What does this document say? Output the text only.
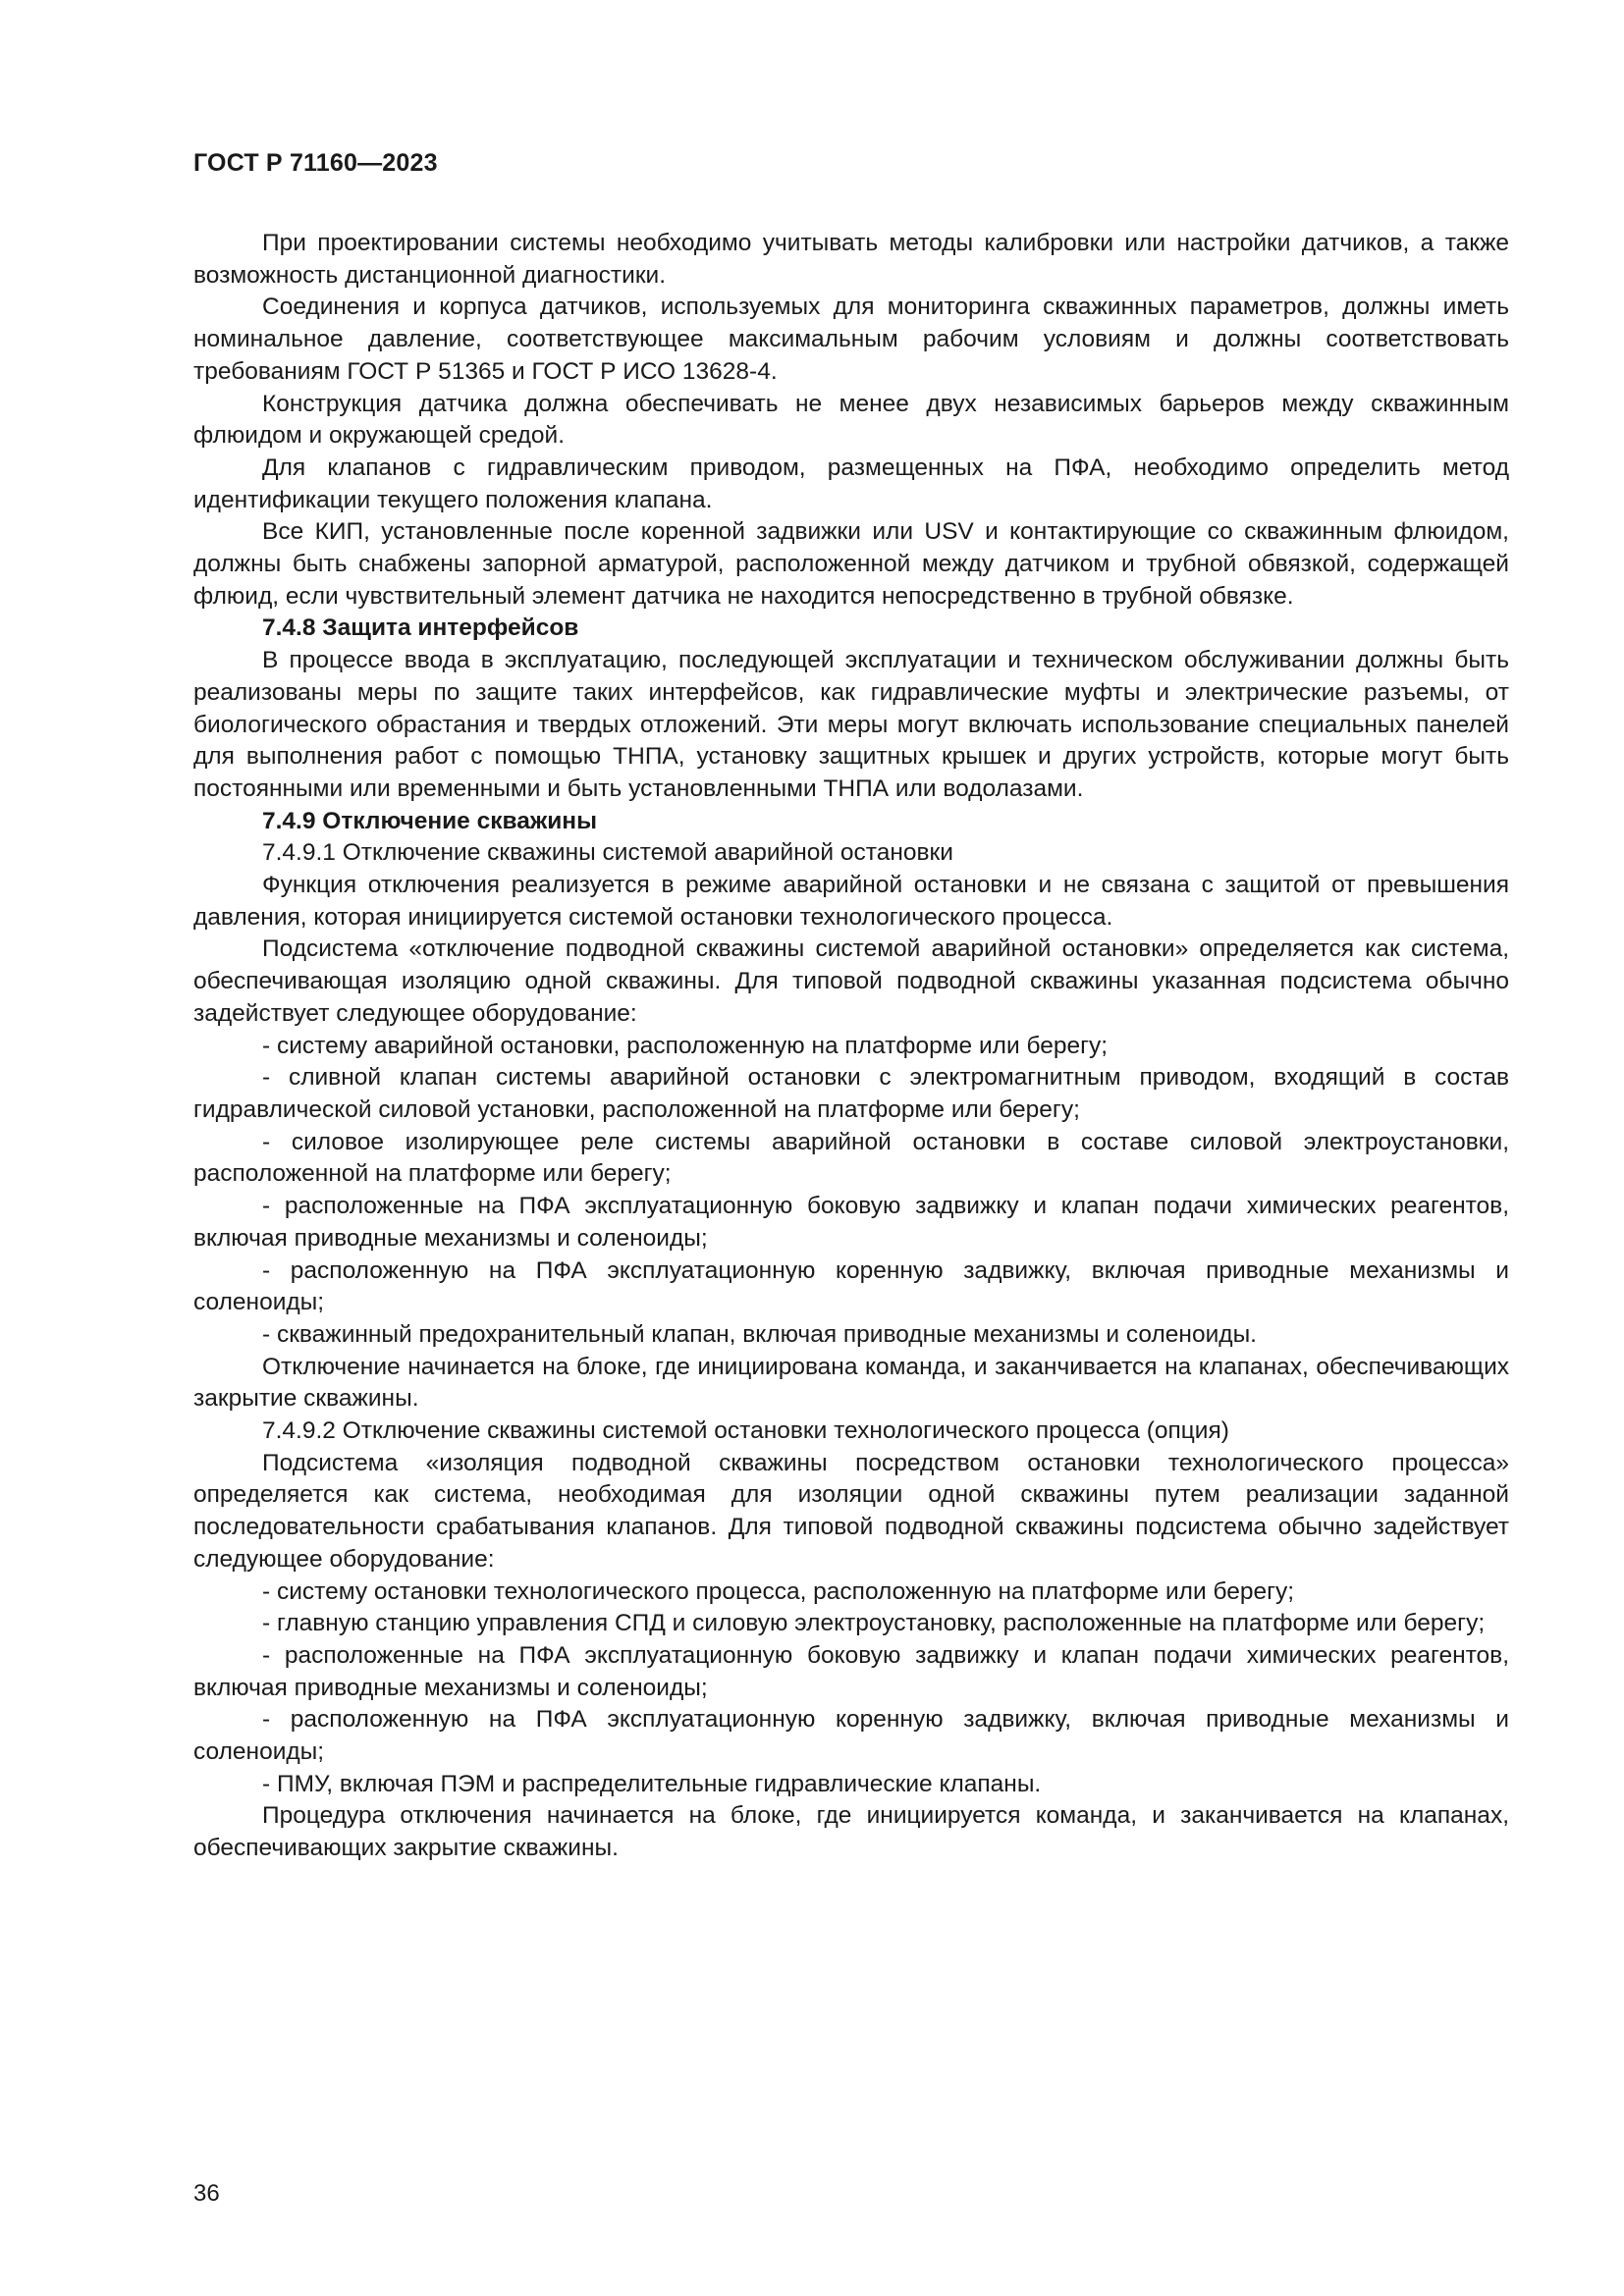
ГОСТ Р 71160—2023

При проектировании системы необходимо учитывать методы калибровки или настройки датчиков, а также возможность дистанционной диагностики.

Соединения и корпуса датчиков, используемых для мониторинга скважинных параметров, должны иметь номинальное давление, соответствующее максимальным рабочим условиям и должны соответствовать требованиям ГОСТ Р 51365 и ГОСТ Р ИСО 13628-4.

Конструкция датчика должна обеспечивать не менее двух независимых барьеров между скважинным флюидом и окружающей средой.

Для клапанов с гидравлическим приводом, размещенных на ПФА, необходимо определить метод идентификации текущего положения клапана.

Все КИП, установленные после коренной задвижки или USV и контактирующие со скважинным флюидом, должны быть снабжены запорной арматурой, расположенной между датчиком и трубной обвязкой, содержащей флюид, если чувствительный элемент датчика не находится непосредственно в трубной обвязке.

7.4.8 Защита интерфейсов

В процессе ввода в эксплуатацию, последующей эксплуатации и техническом обслуживании должны быть реализованы меры по защите таких интерфейсов, как гидравлические муфты и электрические разъемы, от биологического обрастания и твердых отложений. Эти меры могут включать использование специальных панелей для выполнения работ с помощью ТНПА, установку защитных крышек и других устройств, которые могут быть постоянными или временными и быть установленными ТНПА или водолазами.

7.4.9 Отключение скважины

7.4.9.1 Отключение скважины системой аварийной остановки

Функция отключения реализуется в режиме аварийной остановки и не связана с защитой от превышения давления, которая инициируется системой остановки технологического процесса.

Подсистема «отключение подводной скважины системой аварийной остановки» определяется как система, обеспечивающая изоляцию одной скважины. Для типовой подводной скважины указанная подсистема обычно задействует следующее оборудование:

- систему аварийной остановки, расположенную на платформе или берегу;

- сливной клапан системы аварийной остановки с электромагнитным приводом, входящий в состав гидравлической силовой установки, расположенной на платформе или берегу;

- силовое изолирующее реле системы аварийной остановки в составе силовой электроустановки, расположенной на платформе или берегу;

- расположенные на ПФА эксплуатационную боковую задвижку и клапан подачи химических реагентов, включая приводные механизмы и соленоиды;

- расположенную на ПФА эксплуатационную коренную задвижку, включая приводные механизмы и соленоиды;

- скважинный предохранительный клапан, включая приводные механизмы и соленоиды.

Отключение начинается на блоке, где инициирована команда, и заканчивается на клапанах, обеспечивающих закрытие скважины.

7.4.9.2 Отключение скважины системой остановки технологического процесса (опция)

Подсистема «изоляция подводной скважины посредством остановки технологического процесса» определяется как система, необходимая для изоляции одной скважины путем реализации заданной последовательности срабатывания клапанов. Для типовой подводной скважины подсистема обычно задействует следующее оборудование:

- систему остановки технологического процесса, расположенную на платформе или берегу;

- главную станцию управления СПД и силовую электроустановку, расположенные на платформе или берегу;

- расположенные на ПФА эксплуатационную боковую задвижку и клапан подачи химических реагентов, включая приводные механизмы и соленоиды;

- расположенную на ПФА эксплуатационную коренную задвижку, включая приводные механизмы и соленоиды;

- ПМУ, включая ПЭМ и распределительные гидравлические клапаны.

Процедура отключения начинается на блоке, где инициируется команда, и заканчивается на клапанах, обеспечивающих закрытие скважины.

36
